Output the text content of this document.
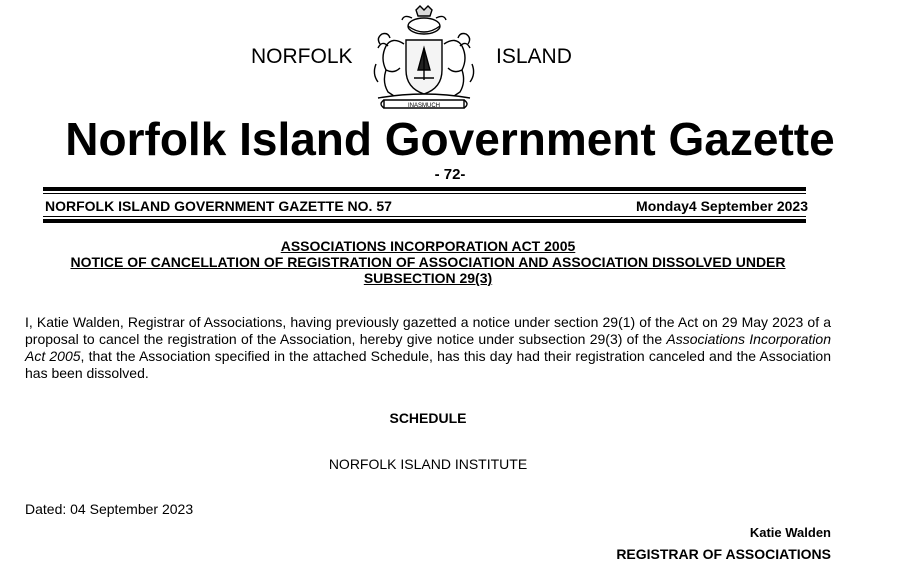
NORFOLK
INASMUCH
ISLAND
Norfolk Island Government Gazette
- 72-
NORFOLK ISLAND GOVERNMENT GAZETTE NO. 57	Monday4 September 2023
ASSOCIATIONS INCORPORATION ACT 2005
NOTICE OF CANCELLATION OF REGISTRATION OF ASSOCIATION AND ASSOCIATION DISSOLVED UNDER
SUBSECTION 29(3)
I, Katie Walden, Registrar of Associations, having previously gazetted a notice under section 29(1) of the Act on 29 May 2023 of a proposal to cancel the registration of the Association, hereby give notice under subsection 29(3) of the Associations Incorporation Act 2005, that the Association specified in the attached Schedule, has this day had their registration canceled and the Association has been dissolved.
SCHEDULE
NORFOLK ISLAND INSTITUTE
Dated: 04 September 2023
Katie Walden
REGISTRAR OF ASSOCIATIONS
